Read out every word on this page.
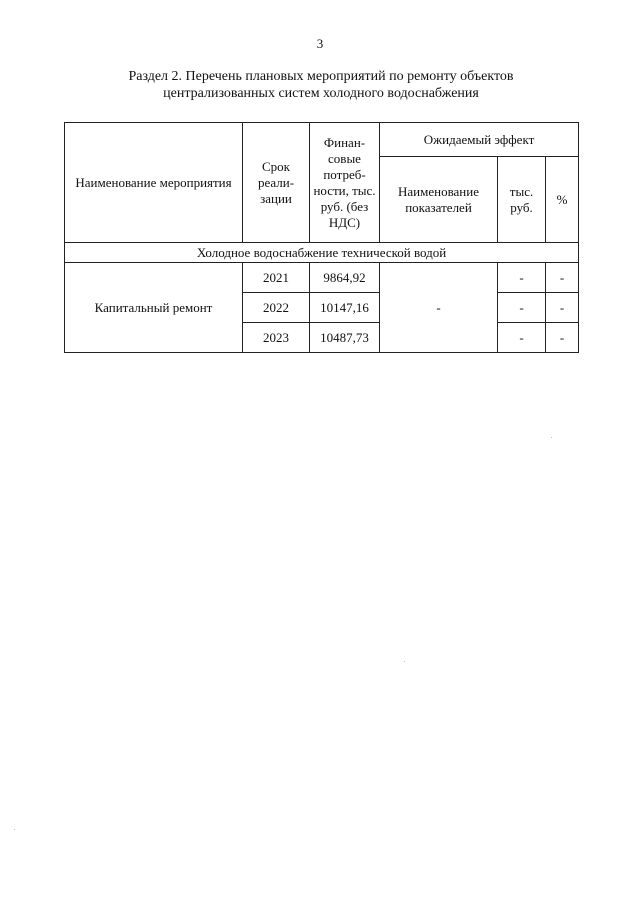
3
Раздел 2. Перечень плановых мероприятий по ремонту объектов
централизованных систем холодного водоснабжения
Наименование мероприятия	Срок реали-зации	Финан-совые потреб-ности, тыс. руб. (без НДС)	Ожидаемый эффект		
			Наименование показателей	тыс. руб.	%
Холодное водоснабжение технической водой					
Капитальный ремонт	2021	9864,92	-	-	-
	2022	10147,16		-	-
	2023	10487,73		-	-
